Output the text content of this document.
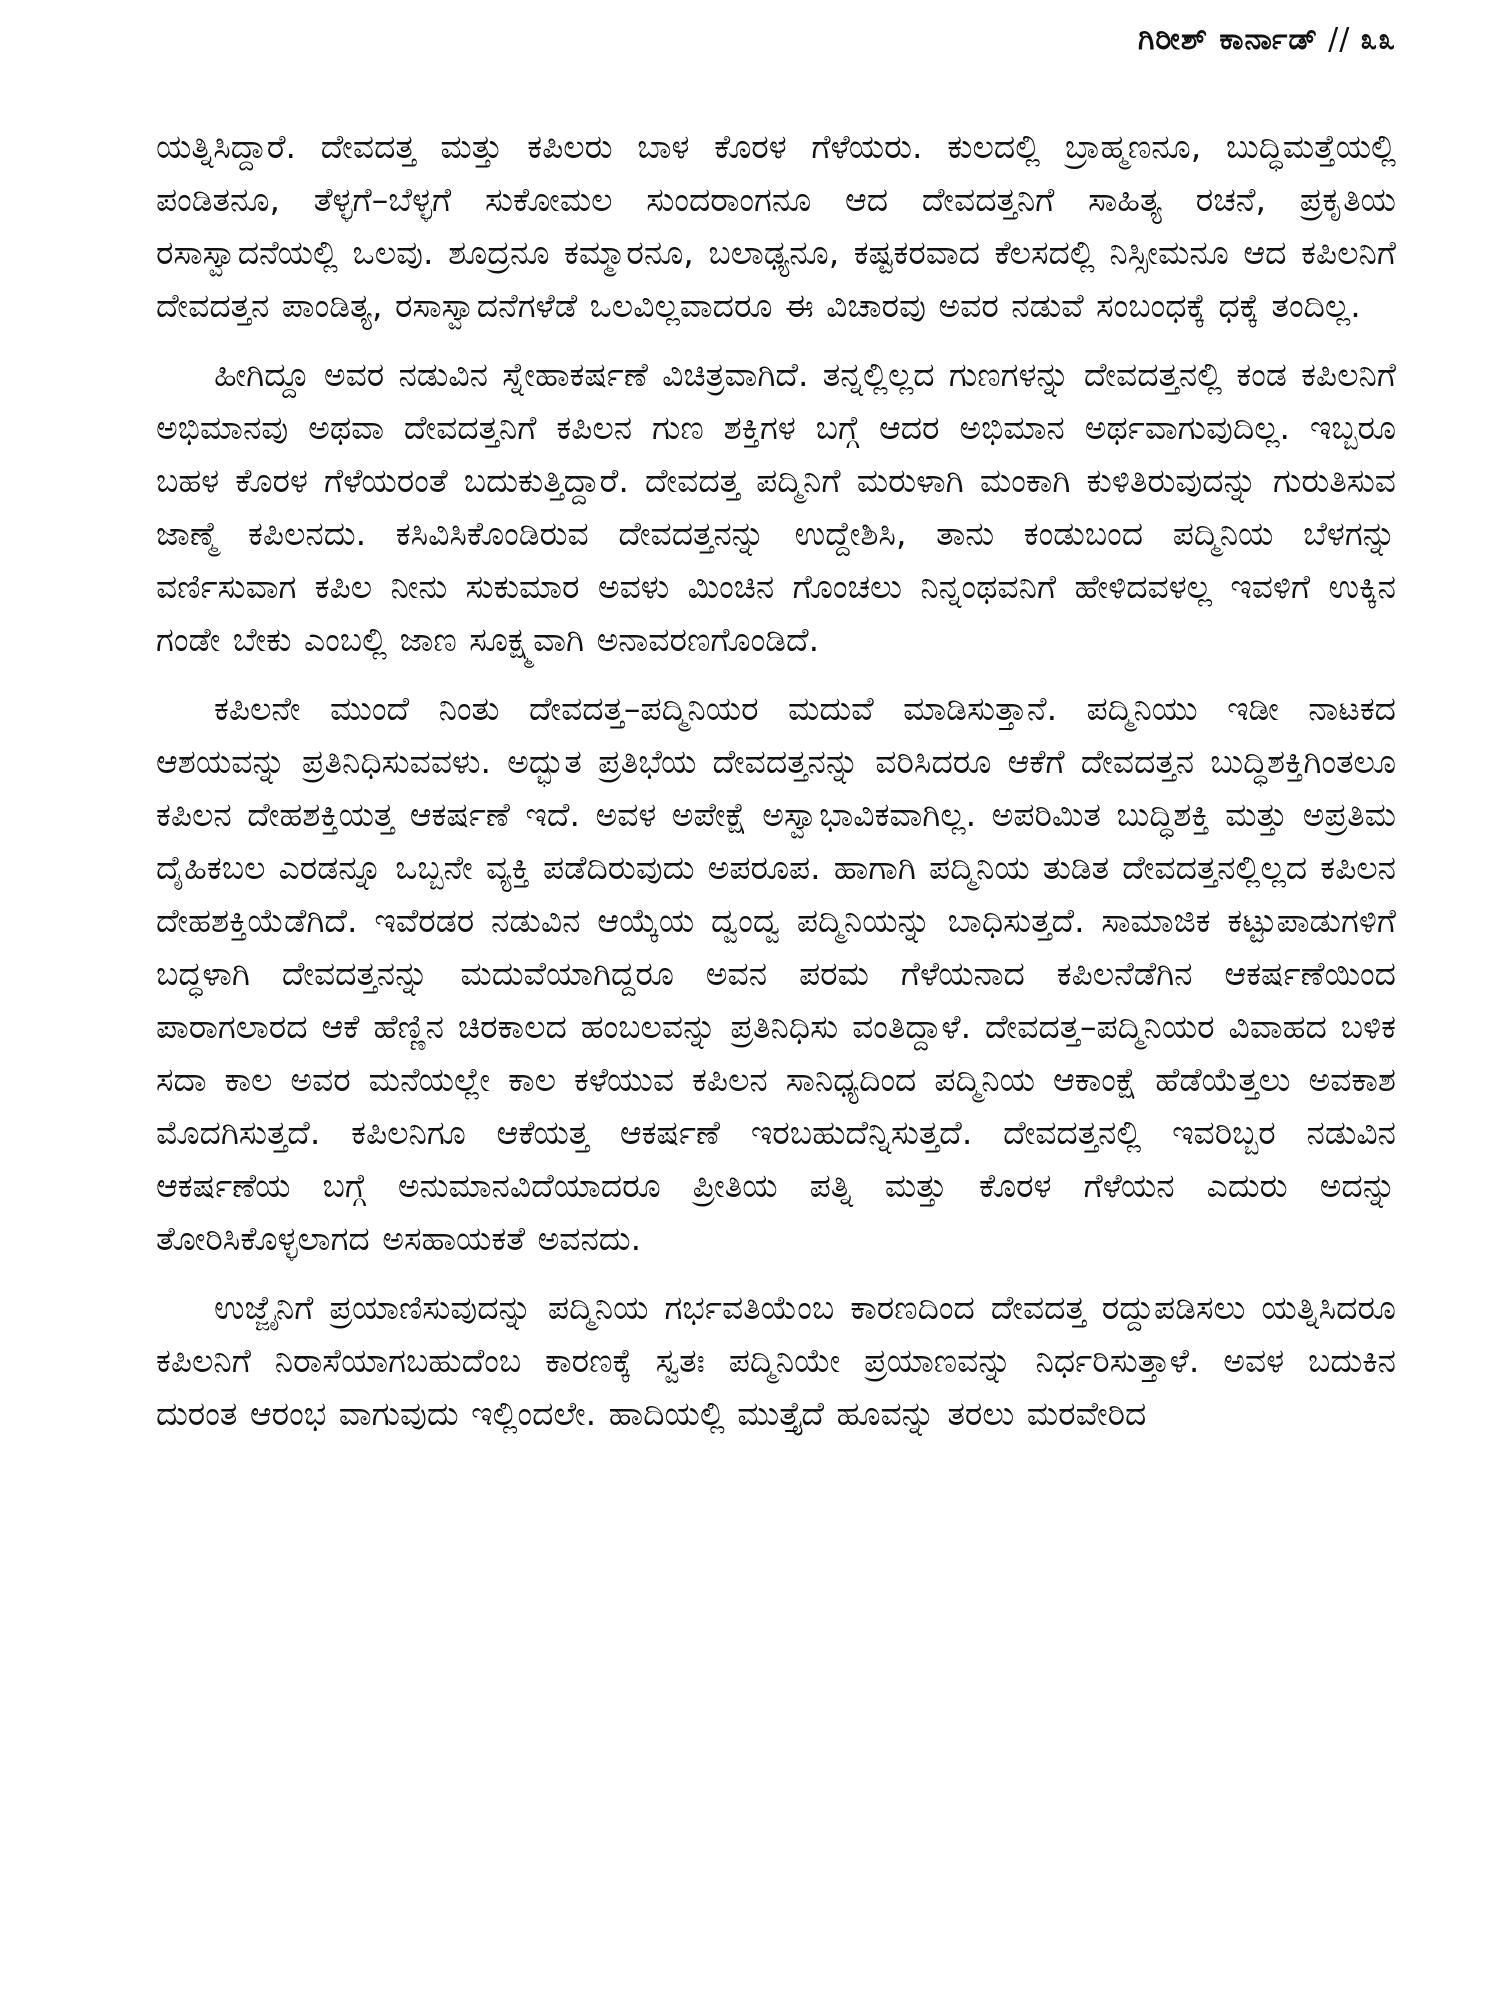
ಗಿರೀಶ್ ಕಾರ್ನಾಡ್ // ೩೩

ಯತ್ನಿಸಿದ್ದಾರೆ. ದೇವದತ್ತ ಮತ್ತು ಕಪಿಲರು ಬಾಳ ಕೊರಳ ಗೆಳೆಯರು. ಕುಲದಲ್ಲಿ ಬ್ರಾಹ್ಮಣನೂ, ಬುದ್ಧಿಮತ್ತೆಯಲ್ಲಿ ಪಂಡಿತನೂ, ತೆಳ್ಳಗೆ–ಬೆಳ್ಳಗೆ ಸುಕೋಮಲ ಸುಂದರಾಂಗನೂ ಆದ ದೇವದತ್ತನಿಗೆ ಸಾಹಿತ್ಯ ರಚನೆ, ಪ್ರಕೃತಿಯ ರಸಾಸ್ವಾದನೆಯಲ್ಲಿ ಒಲವು. ಶೂದ್ರನೂ ಕಮ್ಮಾರನೂ, ಬಲಾಢ್ಯನೂ, ಕಷ್ಟಕರವಾದ ಕೆಲಸದಲ್ಲಿ ನಿಸ್ಸೀಮನೂ ಆದ ಕಪಿಲನಿಗೆ ದೇವದತ್ತನ ಪಾಂಡಿತ್ಯ, ರಸಾಸ್ವಾದನೆಗಳೆಡೆ ಒಲವಿಲ್ಲವಾದರೂ ಈ ವಿಚಾರವು ಅವರ ನಡುವೆ ಸಂಬಂಧಕ್ಕೆ ಧಕ್ಕೆ ತಂದಿಲ್ಲ.

ಹೀಗಿದ್ದೂ ಅವರ ನಡುವಿನ ಸ್ನೇಹಾಕರ್ಷಣೆ ವಿಚಿತ್ರವಾಗಿದೆ. ತನ್ನಲ್ಲಿಲ್ಲದ ಗುಣಗಳನ್ನು ದೇವದತ್ತನಲ್ಲಿ ಕಂಡ ಕಪಿಲನಿಗೆ ಅಭಿಮಾನವು ಅಥವಾ ದೇವದತ್ತನಿಗೆ ಕಪಿಲನ ಗುಣ ಶಕ್ತಿಗಳ ಬಗ್ಗೆ ಆದರ ಅಭಿಮಾನ ಅರ್ಥವಾಗುವುದಿಲ್ಲ. ಇಬ್ಬರೂ ಬಹಳ ಕೊರಳ ಗೆಳೆಯರಂತೆ ಬದುಕುತ್ತಿದ್ದಾರೆ. ದೇವದತ್ತ ಪದ್ಮಿನಿಗೆ ಮರುಳಾಗಿ ಮಂಕಾಗಿ ಕುಳಿತಿರುವುದನ್ನು ಗುರುತಿಸುವ ಜಾಣ್ಮೆ ಕಪಿಲನದು. ಕಸಿವಿಸಿಕೊಂಡಿರುವ ದೇವದತ್ತನನ್ನು ಉದ್ದೇಶಿಸಿ, ತಾನು ಕಂಡುಬಂದ ಪದ್ಮಿನಿಯ ಬೆಳಗನ್ನು ವರ್ಣಿಸುವಾಗ ಕಪಿಲ ನೀನು ಸುಕುಮಾರ ಅವಳು ಮಿಂಚಿನ ಗೊಂಚಲು ನಿನ್ನಂಥವನಿಗೆ ಹೇಳಿದವಳಲ್ಲ ಇವಳಿಗೆ ಉಕ್ಕಿನ ಗಂಡೇ ಬೇಕು ಎಂಬಲ್ಲಿ ಜಾಣ ಸೂಕ್ಷ್ಮವಾಗಿ ಅನಾವರಣಗೊಂಡಿದೆ.

ಕಪಿಲನೇ ಮುಂದೆ ನಿಂತು ದೇವದತ್ತ–ಪದ್ಮಿನಿಯರ ಮದುವೆ ಮಾಡಿಸುತ್ತಾನೆ. ಪದ್ಮಿನಿಯು ಇಡೀ ನಾಟಕದ ಆಶಯವನ್ನು ಪ್ರತಿನಿಧಿಸುವವಳು. ಅದ್ಭುತ ಪ್ರತಿಭೆಯ ದೇವದತ್ತನನ್ನು ವರಿಸಿದರೂ ಆಕೆಗೆ ದೇವದತ್ತನ ಬುದ್ಧಿಶಕ್ತಿಗಿಂತಲೂ ಕಪಿಲನ ದೇಹಶಕ್ತಿಯತ್ತ ಆಕರ್ಷಣೆ ಇದೆ. ಅವಳ ಅಪೇಕ್ಷೆ ಅಸ್ವಾಭಾವಿಕವಾಗಿಲ್ಲ. ಅಪರಿಮಿತ ಬುದ್ಧಿಶಕ್ತಿ ಮತ್ತು ಅಪ್ರತಿಮ ದೈಹಿಕಬಲ ಎರಡನ್ನೂ ಒಬ್ಬನೇ ವ್ಯಕ್ತಿ ಪಡೆದಿರುವುದು ಅಪರೂಪ. ಹಾಗಾಗಿ ಪದ್ಮಿನಿಯ ತುಡಿತ ದೇವದತ್ತನಲ್ಲಿಲ್ಲದ ಕಪಿಲನ ದೇಹಶಕ್ತಿಯೆಡೆಗಿದೆ. ಇವೆರಡರ ನಡುವಿನ ಆಯ್ಕೆಯ ದ್ವಂದ್ವ ಪದ್ಮಿನಿಯನ್ನು ಬಾಧಿಸುತ್ತದೆ. ಸಾಮಾಜಿಕ ಕಟ್ಟುಪಾಡುಗಳಿಗೆ ಬದ್ಧಳಾಗಿ ದೇವದತ್ತನನ್ನು ಮದುವೆಯಾಗಿದ್ದರೂ ಅವನ ಪರಮ ಗೆಳೆಯನಾದ ಕಪಿಲನೆಡೆಗಿನ ಆಕರ್ಷಣೆಯಿಂದ ಪಾರಾಗಲಾರದ ಆಕೆ ಹೆಣ್ಣಿನ ಚಿರಕಾಲದ ಹಂಬಲವನ್ನು ಪ್ರತಿನಿಧಿಸು ವಂತಿದ್ದಾಳೆ. ದೇವದತ್ತ–ಪದ್ಮಿನಿಯರ ವಿವಾಹದ ಬಳಿಕ ಸದಾ ಕಾಲ ಅವರ ಮನೆಯಲ್ಲೇ ಕಾಲ ಕಳೆಯುವ ಕಪಿಲನ ಸಾನಿಧ್ಯದಿಂದ ಪದ್ಮಿನಿಯ ಆಕಾಂಕ್ಷೆ ಹೆಡೆಯೆತ್ತಲು ಅವಕಾಶ ಮೊದಗಿಸುತ್ತದೆ. ಕಪಿಲನಿಗೂ ಆಕೆಯತ್ತ ಆಕರ್ಷಣೆ ಇರಬಹುದೆನ್ನಿಸುತ್ತದೆ. ದೇವದತ್ತನಲ್ಲಿ ಇವರಿಬ್ಬರ ನಡುವಿನ ಆಕರ್ಷಣೆಯ ಬಗ್ಗೆ ಅನುಮಾನವಿದೆಯಾದರೂ ಪ್ರೀತಿಯ ಪತ್ನಿ ಮತ್ತು ಕೊರಳ ಗೆಳೆಯನ ಎದುರು ಅದನ್ನು ತೋರಿಸಿಕೊಳ್ಳಲಾಗದ ಅಸಹಾಯಕತೆ ಅವನದು.

ಉಜ್ಜೈನಿಗೆ ಪ್ರಯಾಣಿಸುವುದನ್ನು ಪದ್ಮಿನಿಯ ಗರ್ಭವತಿಯೆಂಬ ಕಾರಣದಿಂದ ದೇವದತ್ತ ರದ್ದುಪಡಿಸಲು ಯತ್ನಿಸಿದರೂ ಕಪಿಲನಿಗೆ ನಿರಾಸೆಯಾಗಬಹುದೆಂಬ ಕಾರಣಕ್ಕೆ ಸ್ವತಃ ಪದ್ಮಿನಿಯೇ ಪ್ರಯಾಣವನ್ನು ನಿರ್ಧರಿಸುತ್ತಾಳೆ. ಅವಳ ಬದುಕಿನ ದುರಂತ ಆರಂಭ ವಾಗುವುದು ಇಲ್ಲಿಂದಲೇ. ಹಾದಿಯಲ್ಲಿ ಮುತ್ತೈದೆ ಹೂವನ್ನು ತರಲು ಮರವೇರಿದ
